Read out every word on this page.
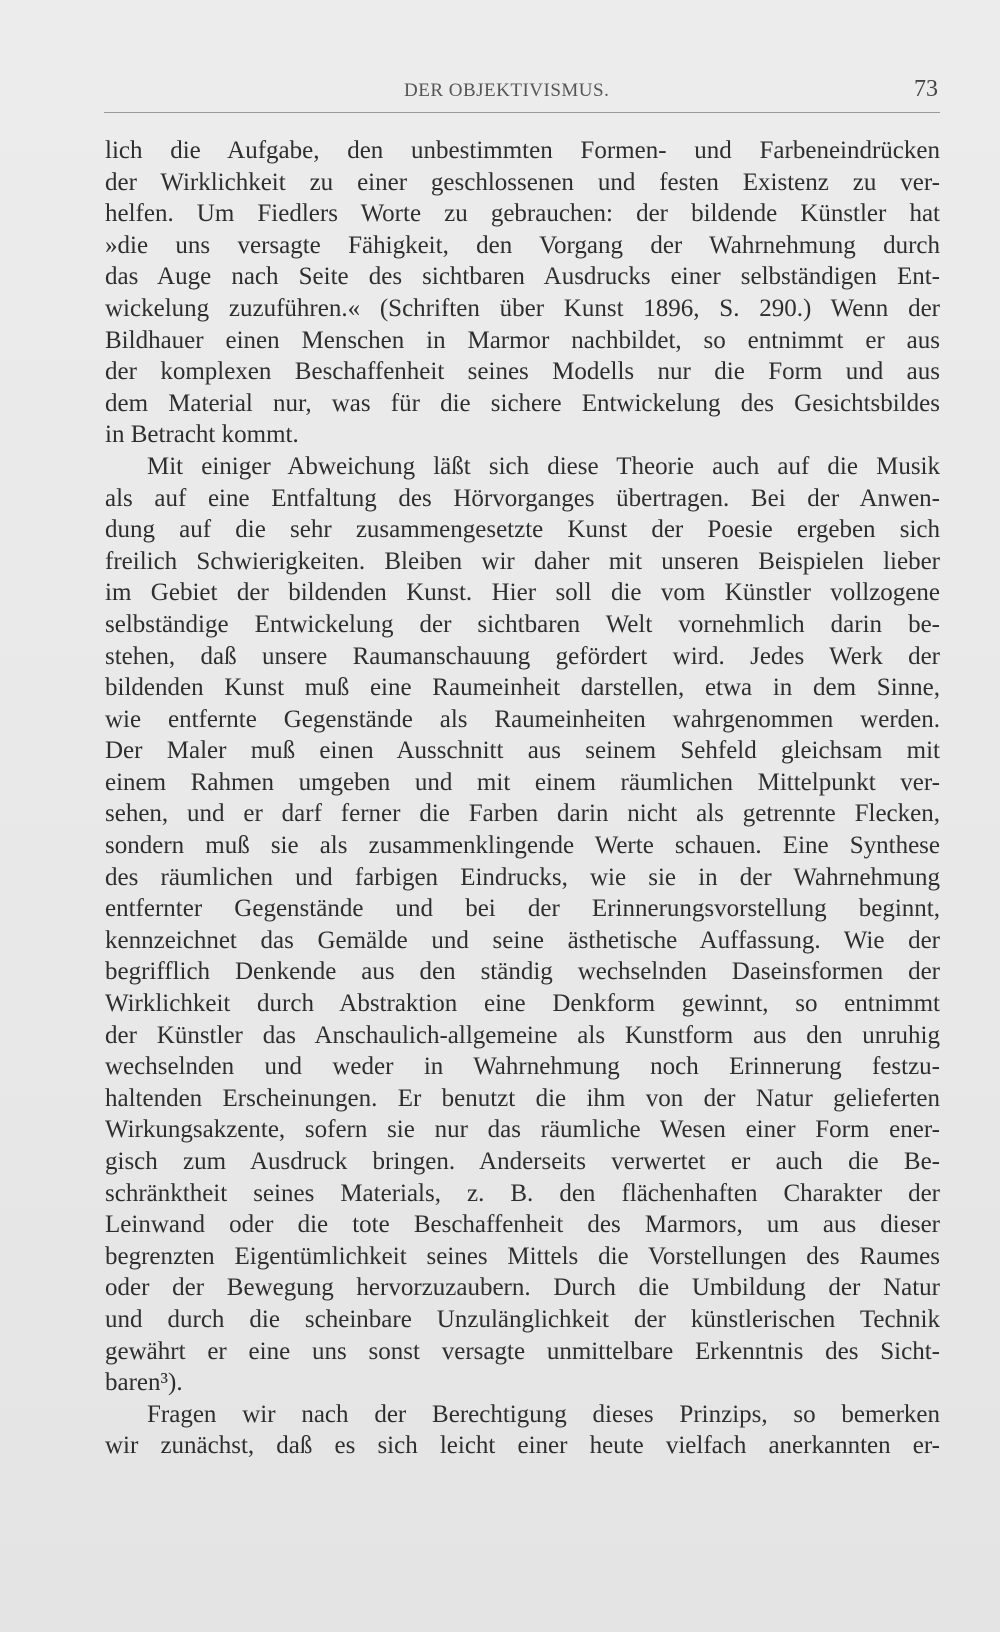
DER OBJEKTIVISMUS.	73
lich die Aufgabe, den unbestimmten Formen- und Farbeneindrücken
der Wirklichkeit zu einer geschlossenen und festen Existenz zu ver-
helfen. Um Fiedlers Worte zu gebrauchen: der bildende Künstler hat
»die uns versagte Fähigkeit, den Vorgang der Wahrnehmung durch
das Auge nach Seite des sichtbaren Ausdrucks einer selbständigen Ent-
wickelung zuzuführen.« (Schriften über Kunst 1896, S. 290.) Wenn der
Bildhauer einen Menschen in Marmor nachbildet, so entnimmt er aus
der komplexen Beschaffenheit seines Modells nur die Form und aus
dem Material nur, was für die sichere Entwickelung des Gesichtsbildes
in Betracht kommt.
Mit einiger Abweichung läßt sich diese Theorie auch auf die Musik
als auf eine Entfaltung des Hörvorganges übertragen. Bei der Anwen-
dung auf die sehr zusammengesetzte Kunst der Poesie ergeben sich
freilich Schwierigkeiten. Bleiben wir daher mit unseren Beispielen lieber
im Gebiet der bildenden Kunst. Hier soll die vom Künstler vollzogene
selbständige Entwickelung der sichtbaren Welt vornehmlich darin be-
stehen, daß unsere Raumanschauung gefördert wird. Jedes Werk der
bildenden Kunst muß eine Raumeinheit darstellen, etwa in dem Sinne,
wie entfernte Gegenstände als Raumeinheiten wahrgenommen werden.
Der Maler muß einen Ausschnitt aus seinem Sehfeld gleichsam mit
einem Rahmen umgeben und mit einem räumlichen Mittelpunkt ver-
sehen, und er darf ferner die Farben darin nicht als getrennte Flecken,
sondern muß sie als zusammenklingende Werte schauen. Eine Synthese
des räumlichen und farbigen Eindrucks, wie sie in der Wahrnehmung
entfernter Gegenstände und bei der Erinnerungsvorstellung beginnt,
kennzeichnet das Gemälde und seine ästhetische Auffassung. Wie der
begrifflich Denkende aus den ständig wechselnden Daseinsformen der
Wirklichkeit durch Abstraktion eine Denkform gewinnt, so entnimmt
der Künstler das Anschaulich-allgemeine als Kunstform aus den unruhig
wechselnden und weder in Wahrnehmung noch Erinnerung festzu-
haltenden Erscheinungen. Er benutzt die ihm von der Natur gelieferten
Wirkungsakzente, sofern sie nur das räumliche Wesen einer Form ener-
gisch zum Ausdruck bringen. Anderseits verwertet er auch die Be-
schränktheit seines Materials, z. B. den flächenhaften Charakter der
Leinwand oder die tote Beschaffenheit des Marmors, um aus dieser
begrenzten Eigentümlichkeit seines Mittels die Vorstellungen des Raumes
oder der Bewegung hervorzuzaubern. Durch die Umbildung der Natur
und durch die scheinbare Unzulänglichkeit der künstlerischen Technik
gewährt er eine uns sonst versagte unmittelbare Erkenntnis des Sicht-
baren³).
Fragen wir nach der Berechtigung dieses Prinzips, so bemerken
wir zunächst, daß es sich leicht einer heute vielfach anerkannten er-
